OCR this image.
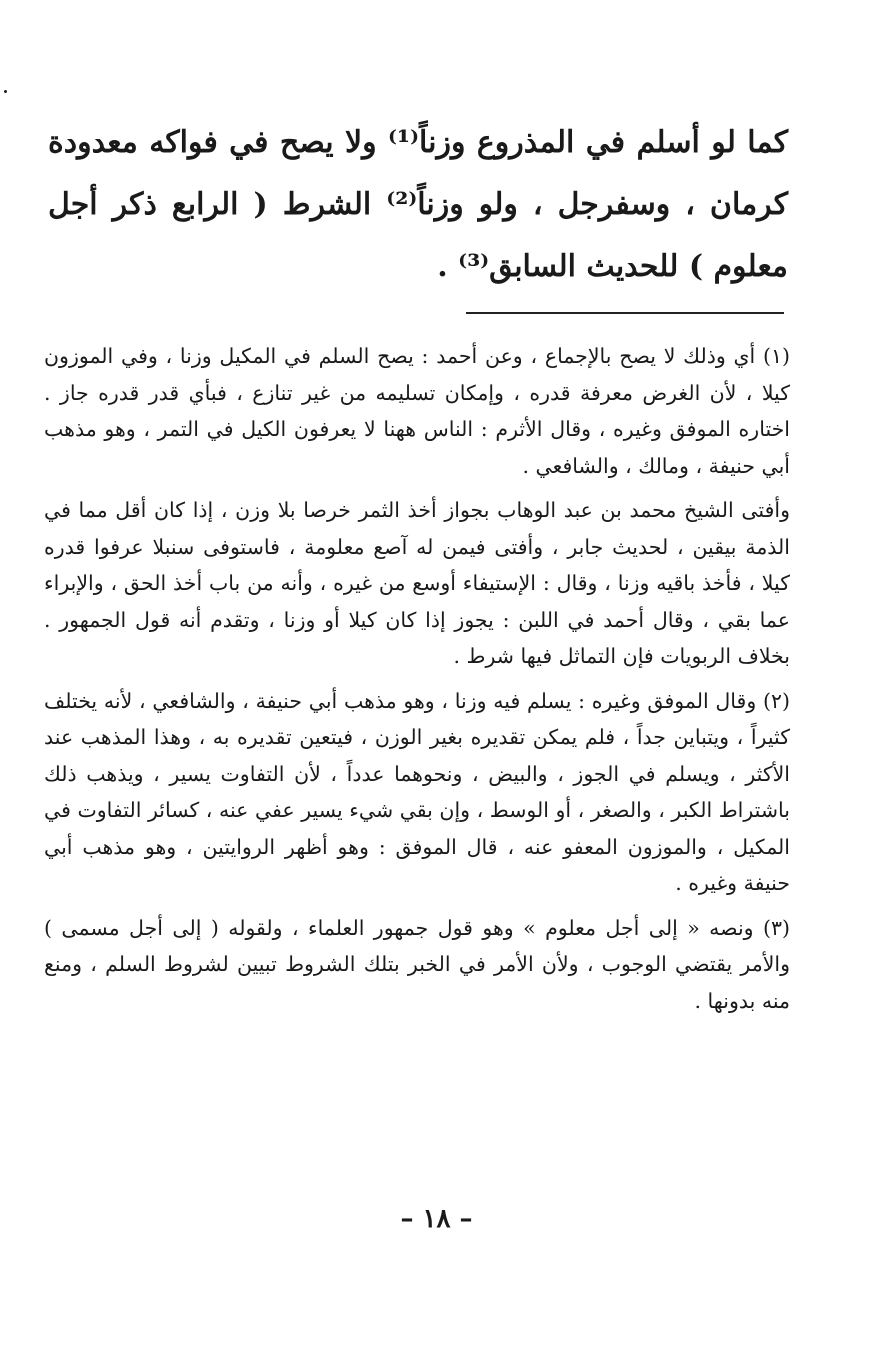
كما لو أسلم في المذروع وزناً⁽¹⁾ ولا يصح في فواكه معدودة كرمان ، وسفرجل ، ولو وزناً⁽²⁾ الشرط ( الرابع ذكر أجل معلوم ) للحديث السابق⁽³⁾ .

(١) أي وذلك لا يصح بالإجماع ، وعن أحمد : يصح السلم في المكيل وزنا ، وفي الموزون كيلا ، لأن الغرض معرفة قدره ، وإمكان تسليمه من غير تنازع ، فبأي قدر قدره جاز . اختاره الموفق وغيره ، وقال الأثرم : الناس ههنا لا يعرفون الكيل في التمر ، وهو مذهب أبي حنيفة ، ومالك ، والشافعي .

وأفتى الشيخ محمد بن عبد الوهاب بجواز أخذ الثمر خرصا بلا وزن ، إذا كان أقل مما في الذمة بيقين ، لحديث جابر ، وأفتى فيمن له آصع معلومة ، فاستوفى سنبلا عرفوا قدره كيلا ، فأخذ باقيه وزنا ، وقال : الإستيفاء أوسع من غيره ، وأنه من باب أخذ الحق ، والإبراء عما بقي ، وقال أحمد في اللبن : يجوز إذا كان كيلا أو وزنا ، وتقدم أنه قول الجمهور . بخلاف الربويات فإن التماثل فيها شرط .

(٢) وقال الموفق وغيره : يسلم فيه وزنا ، وهو مذهب أبي حنيفة ، والشافعي ، لأنه يختلف كثيراً ، ويتباين جداً ، فلم يمكن تقديره بغير الوزن ، فيتعين تقديره به ، وهذا المذهب عند الأكثر ، ويسلم في الجوز ، والبيض ، ونحوهما عدداً ، لأن التفاوت يسير ، ويذهب ذلك باشتراط الكبر ، والصغر ، أو الوسط ، وإن بقي شيء يسير عفي عنه ، كسائر التفاوت في المكيل ، والموزون المعفو عنه ، قال الموفق : وهو أظهر الروايتين ، وهو مذهب أبي حنيفة وغيره .

(٣) ونصه « إلى أجل معلوم » وهو قول جمهور العلماء ، ولقوله ( إلى أجل مسمى ) والأمر يقتضي الوجوب ، ولأن الأمر في الخبر بتلك الشروط تبيين لشروط السلم ، ومنع منه بدونها .

– ١٨ –
